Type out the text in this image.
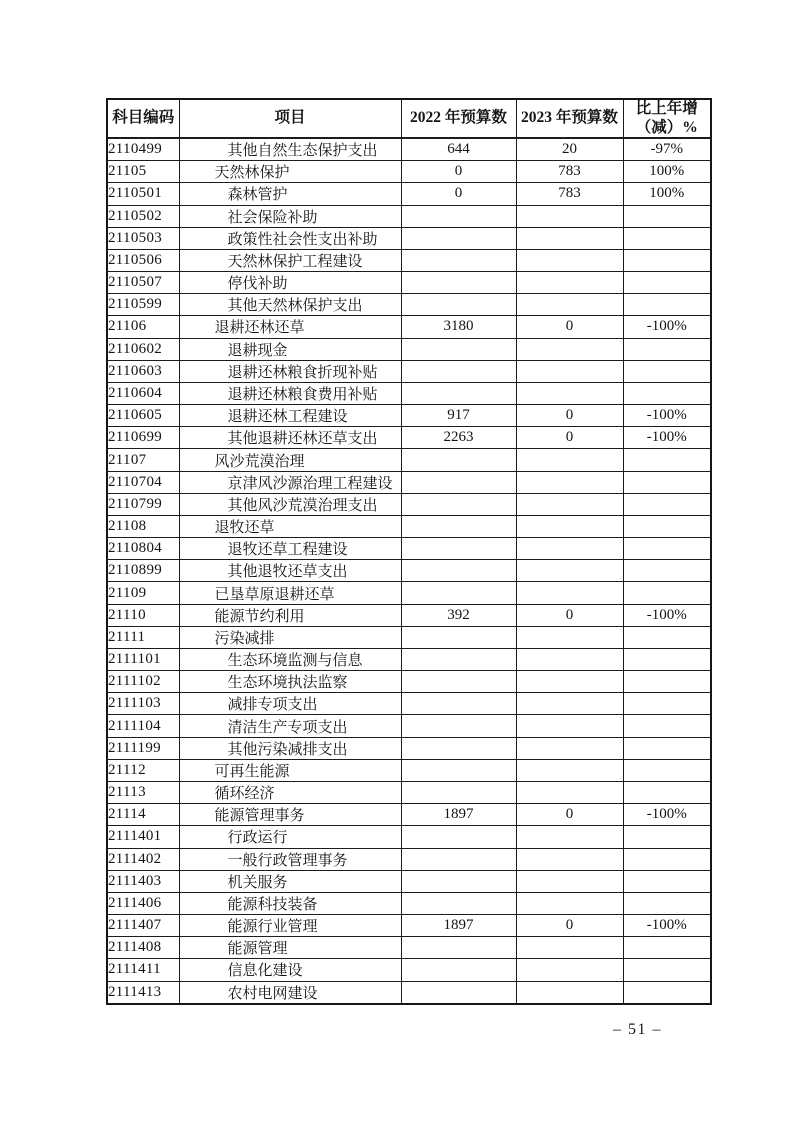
科目编码	项目	2022 年预算数	2023 年预算数	比上年增
（减）%
2110499	其他自然生态保护支出	644	20	-97%
21105	天然林保护	0	783	100%
2110501	森林管护	0	783	100%
2110502	社会保险补助			
2110503	政策性社会性支出补助			
2110506	天然林保护工程建设			
2110507	停伐补助			
2110599	其他天然林保护支出			
21106	退耕还林还草	3180	0	-100%
2110602	退耕现金			
2110603	退耕还林粮食折现补贴			
2110604	退耕还林粮食费用补贴			
2110605	退耕还林工程建设	917	0	-100%
2110699	其他退耕还林还草支出	2263	0	-100%
21107	风沙荒漠治理			
2110704	京津风沙源治理工程建设			
2110799	其他风沙荒漠治理支出			
21108	退牧还草			
2110804	退牧还草工程建设			
2110899	其他退牧还草支出			
21109	已垦草原退耕还草			
21110	能源节约利用	392	0	-100%
21111	污染减排			
2111101	生态环境监测与信息			
2111102	生态环境执法监察			
2111103	减排专项支出			
2111104	清洁生产专项支出			
2111199	其他污染减排支出			
21112	可再生能源			
21113	循环经济			
21114	能源管理事务	1897	0	-100%
2111401	行政运行			
2111402	一般行政管理事务			
2111403	机关服务			
2111406	能源科技装备			
2111407	能源行业管理	1897	0	-100%
2111408	能源管理			
2111411	信息化建设			
2111413	农村电网建设			
– 51 –
